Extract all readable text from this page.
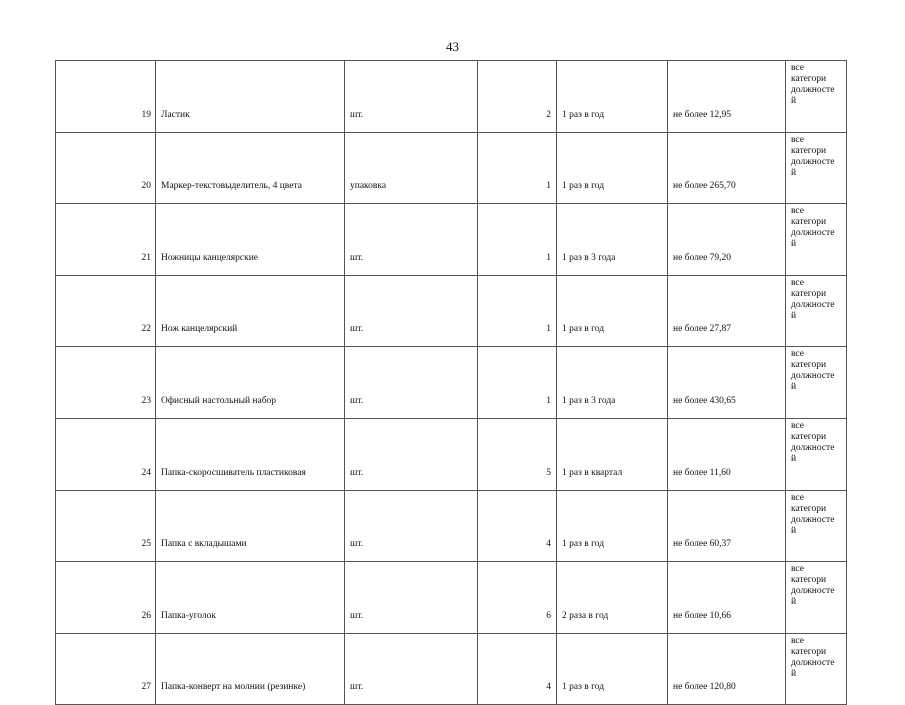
43
19	Ластик	шт.	2	1 раз в год	не более 12,95	все
категори
должносте
й

20	Маркер-текстовыделитель, 4 цвета	упаковка	1	1 раз в год	не более 265,70	все
категори
должносте
й

21	Ножницы канцелярские	шт.	1	1 раз в 3 года	не более 79,20	все
категори
должносте
й

22	Нож канцелярский	шт.	1	1 раз в год	не более 27,87	все
категори
должносте
й

23	Офисный настольный набор	шт.	1	1 раз в 3 года	не более 430,65	все
категори
должносте
й

24	Папка-скоросшиватель пластиковая	шт.	5	1 раз в квартал	не более 11,60	все
категори
должносте
й

25	Папка с вкладышами	шт.	4	1 раз в год	не более 60,37	все
категори
должносте
й

26	Папка-уголок	шт.	6	2 раза в год	не более 10,66	все
категори
должносте
й

27	Папка-конверт на молнии (резинке)	шт.	4	1 раз в год	не более 120,80	все
категори
должносте
й
